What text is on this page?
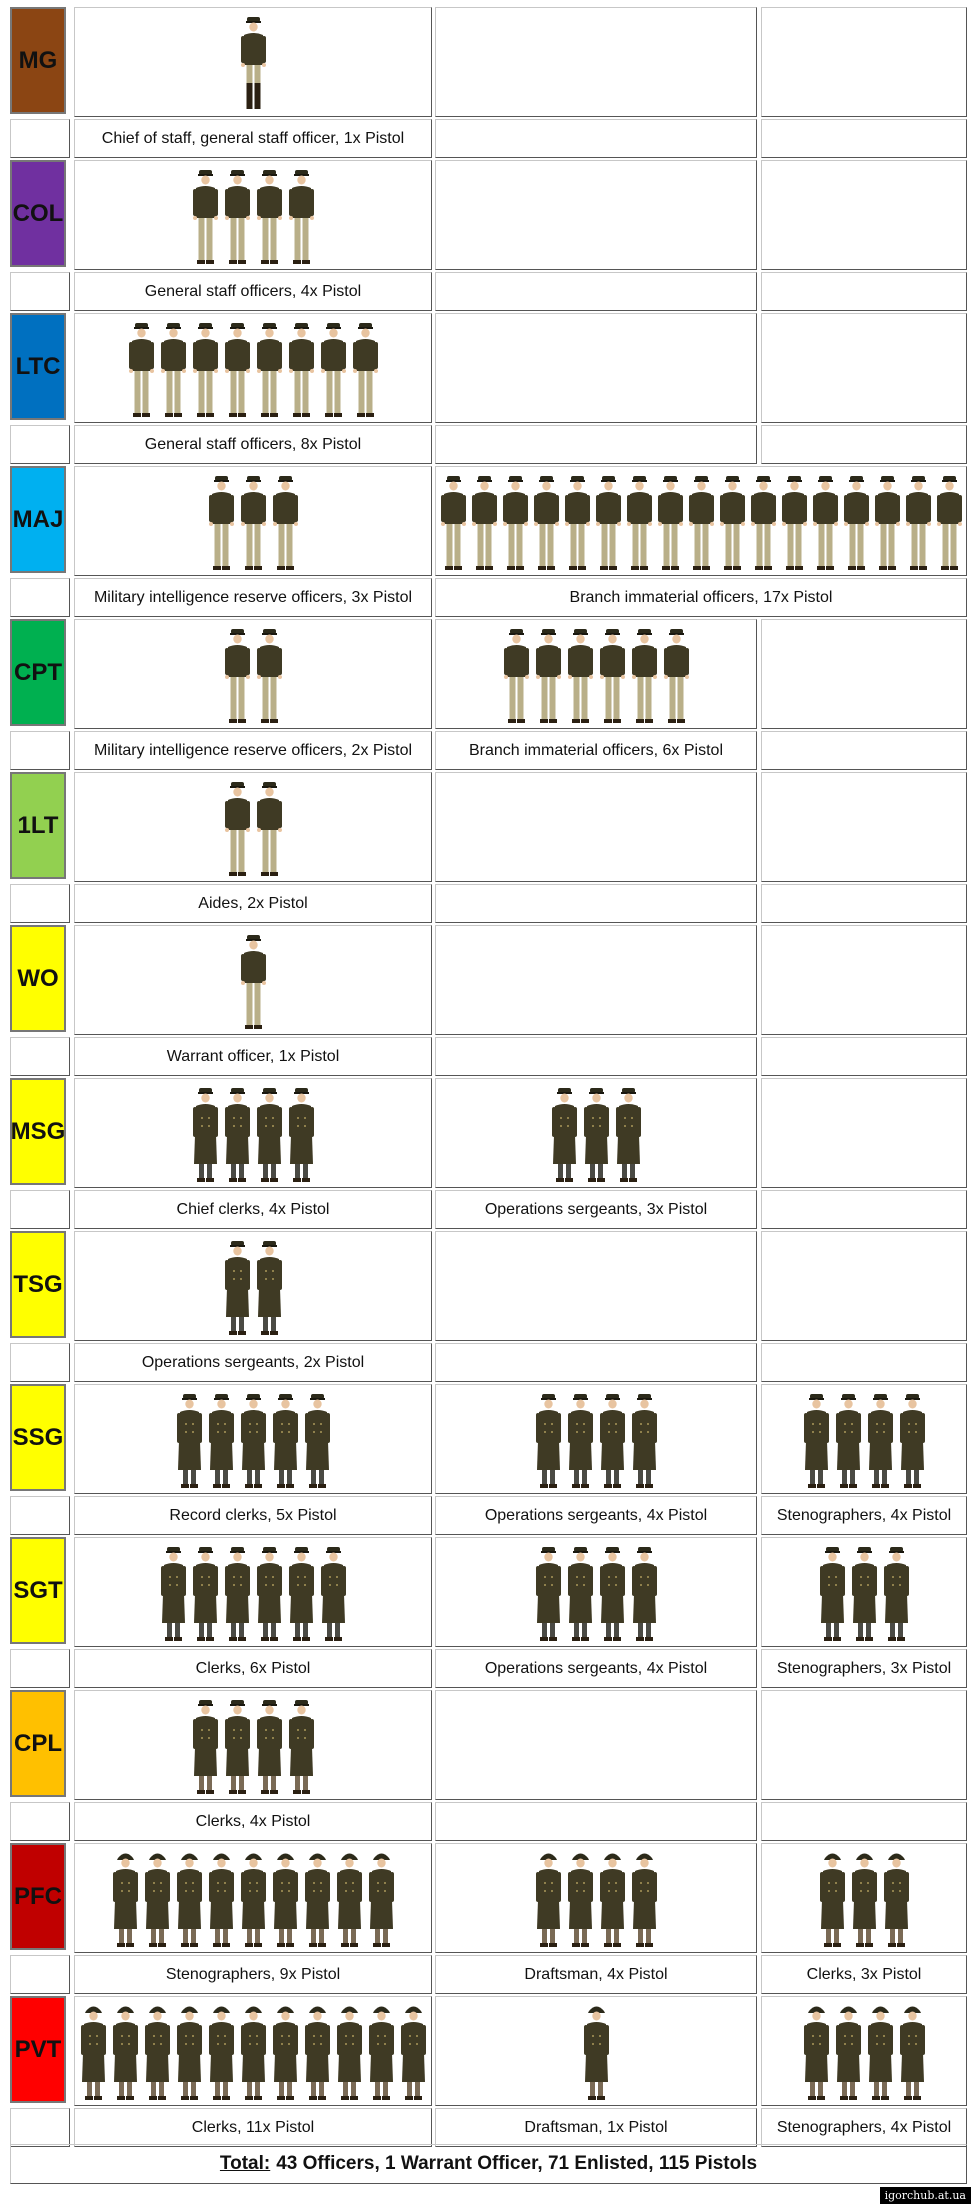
MG
Chief of staff, general staff officer, 1x Pistol
COL
General staff officers, 4x Pistol
LTC
General staff officers, 8x Pistol
MAJ
Military intelligence reserve officers, 3x Pistol	Branch immaterial officers, 17x Pistol
CPT
Military intelligence reserve officers, 2x Pistol	Branch immaterial officers, 6x Pistol
1LT
Aides, 2x Pistol
WO
Warrant officer, 1x Pistol
MSG
Chief clerks, 4x Pistol	Operations sergeants, 3x Pistol
TSG
Operations sergeants, 2x Pistol
SSG
Record clerks, 5x Pistol	Operations sergeants, 4x Pistol	Stenographers, 4x Pistol
SGT
Clerks, 6x Pistol	Operations sergeants, 4x Pistol	Stenographers, 3x Pistol
CPL
Clerks, 4x Pistol
PFC
Stenographers, 9x Pistol	Draftsman, 4x Pistol	Clerks, 3x Pistol
PVT
Clerks, 11x Pistol	Draftsman, 1x Pistol	Stenographers, 4x Pistol
Total: 43 Officers, 1 Warrant Officer, 71 Enlisted, 115 Pistols
igorchub.at.ua
